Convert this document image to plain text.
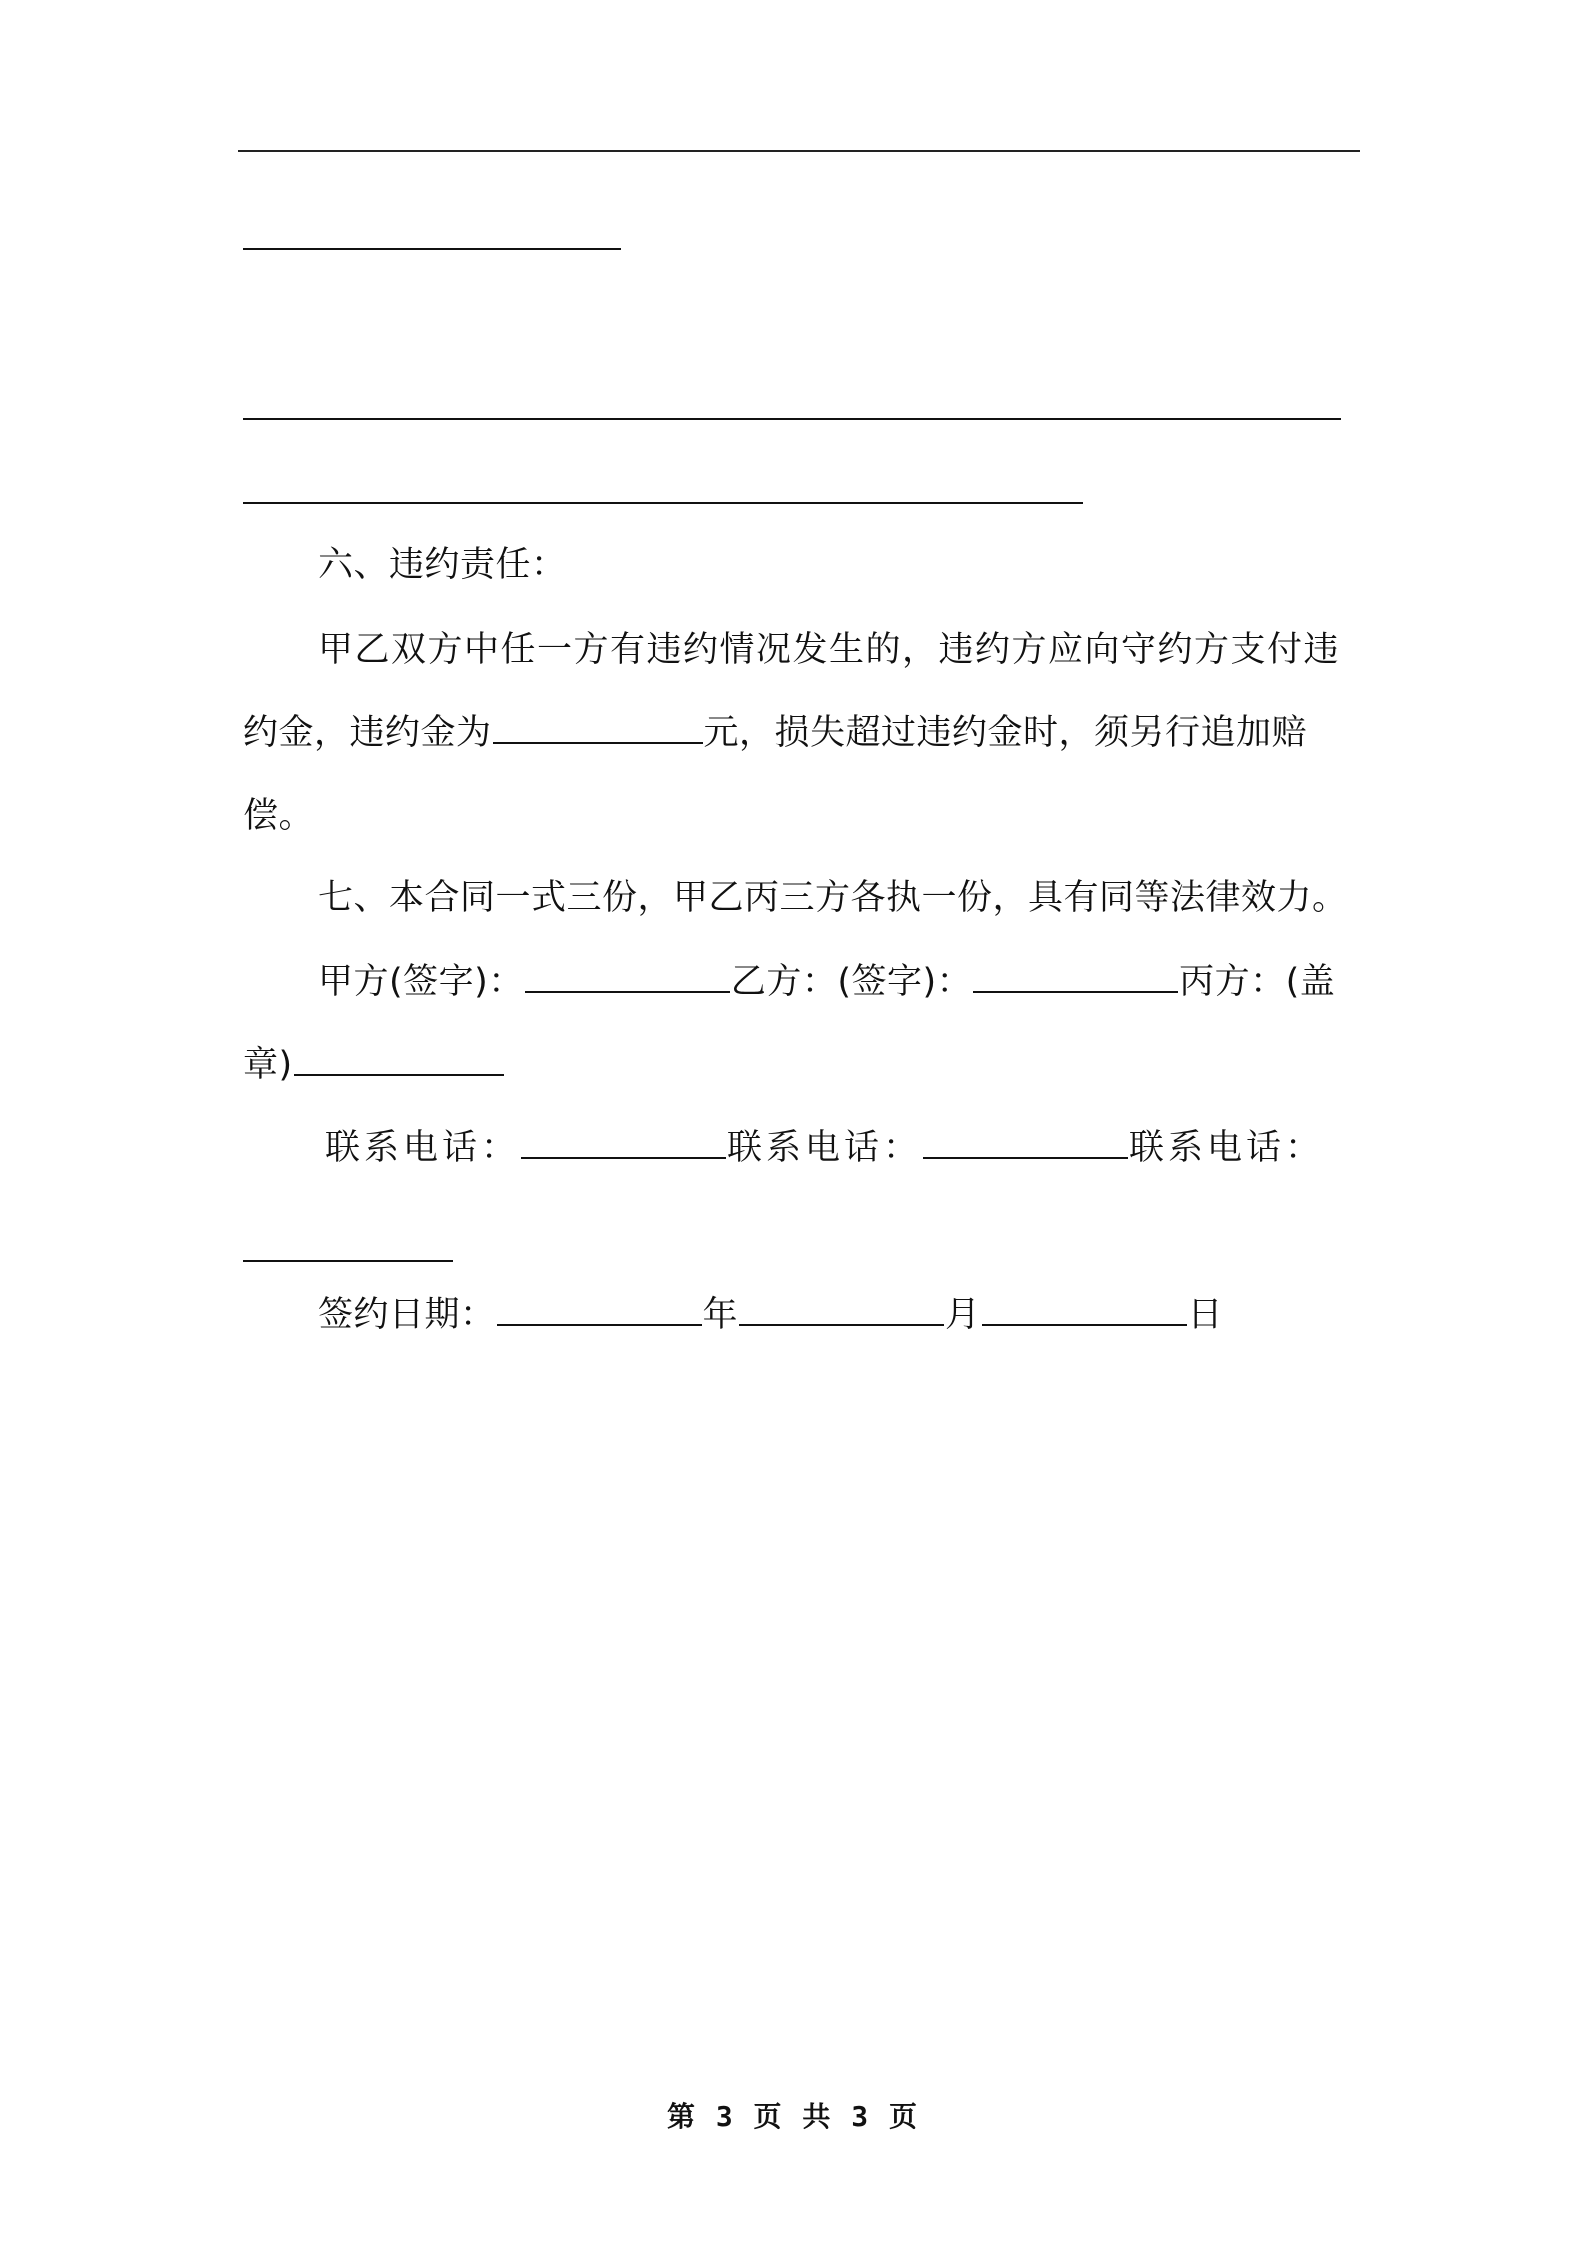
六、违约责任：
甲乙双方中任一方有违约情况发生的，违约方应向守约方支付违
约金，违约金为	元，损失超过违约金时，须另行追加赔
偿。
七、本合同一式三份，甲乙丙三方各执一份，具有同等法律效力。
甲方(签字)：	乙方：(签字)：	丙方：(盖
章)
联系电话：	联系电话：	联系电话：
签约日期：	年	月	日
第 3 页 共 3 页
